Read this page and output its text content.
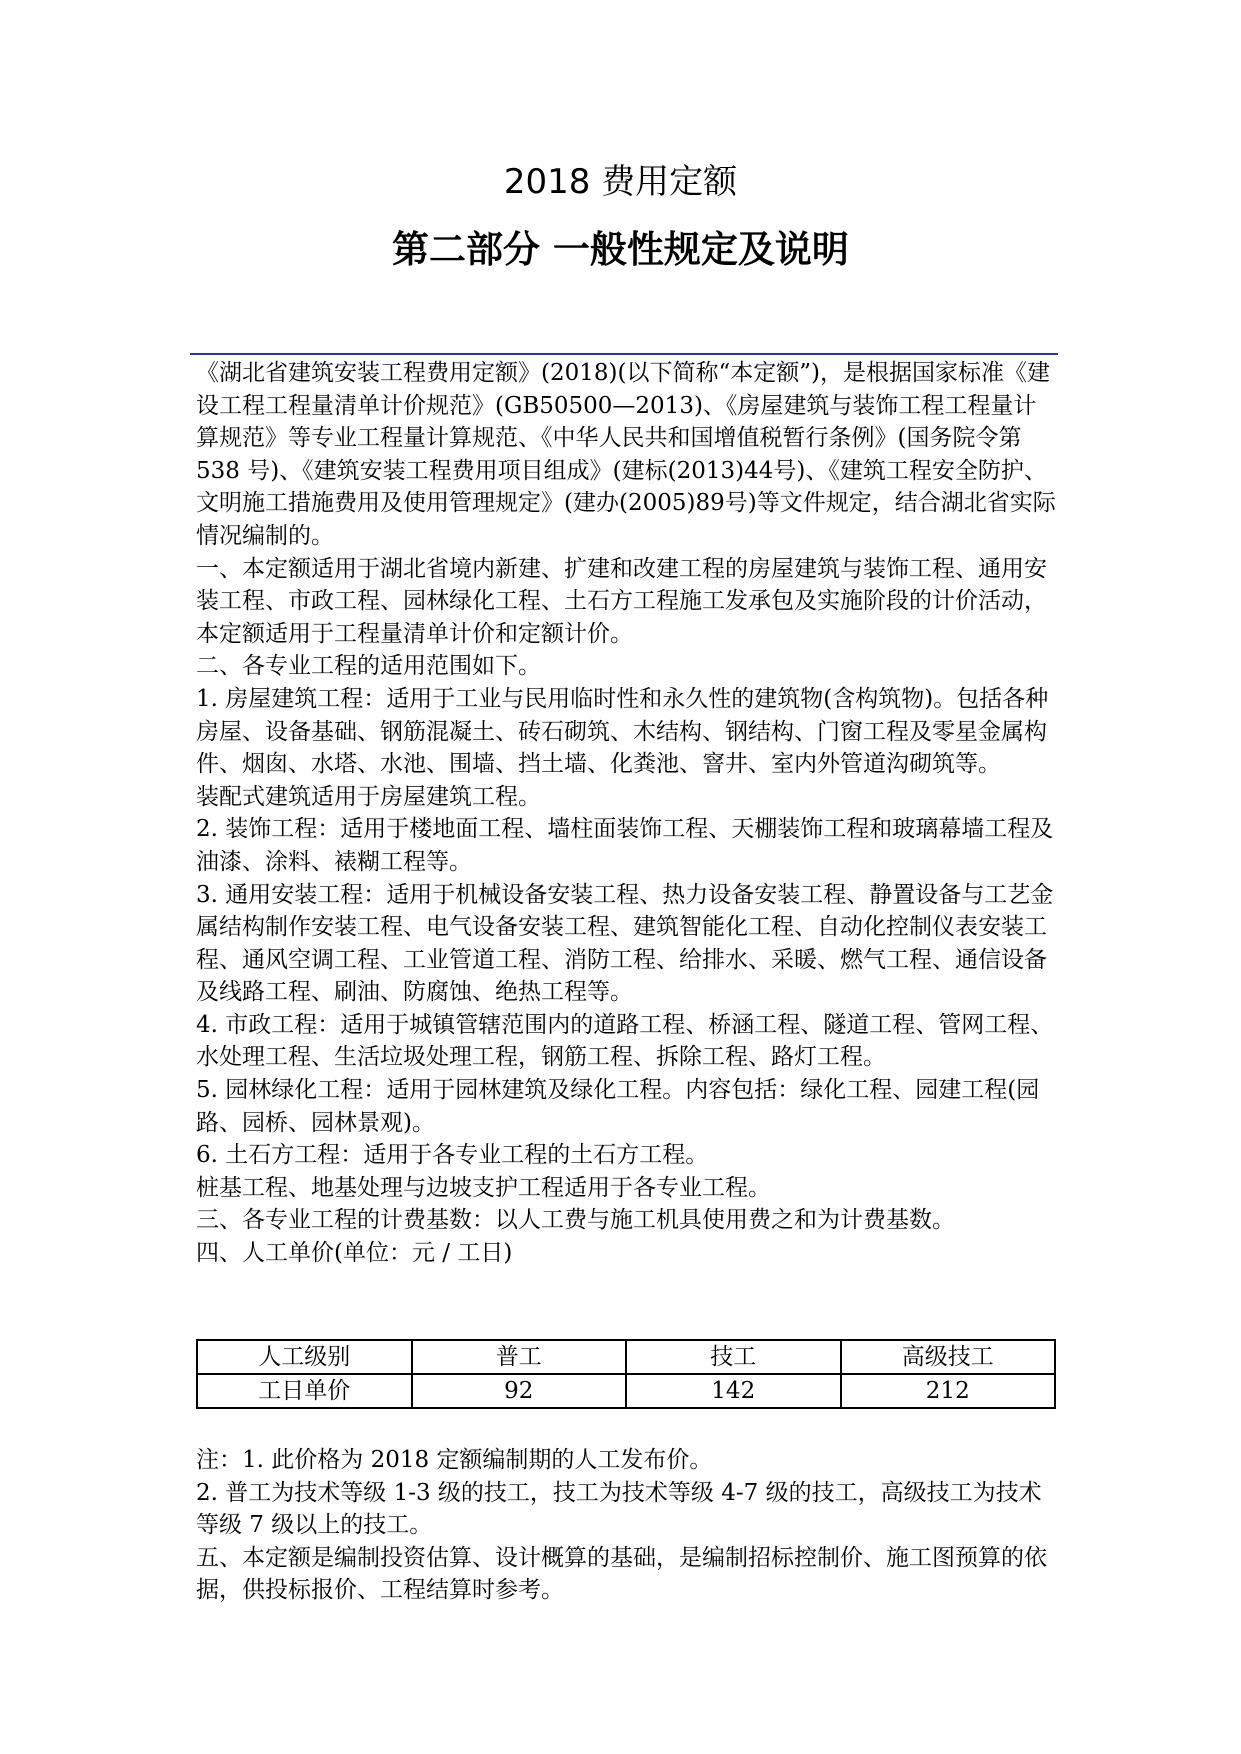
2018 费用定额
第二部分 一般性规定及说明

《湖北省建筑安装工程费用定额》(2018)(以下简称“本定额”)，是根据国家标准《建设工程工程量清单计价规范》(GB50500—2013)、《房屋建筑与装饰工程工程量计算规范》等专业工程量计算规范、《中华人民共和国增值税暂行条例》(国务院令第 538 号)、《建筑安装工程费用项目组成》(建标(2013)44号)、《建筑工程安全防护、文明施工措施费用及使用管理规定》(建办(2005)89号)等文件规定，结合湖北省实际情况编制的。

一、本定额适用于湖北省境内新建、扩建和改建工程的房屋建筑与装饰工程、通用安装工程、市政工程、园林绿化工程、土石方工程施工发承包及实施阶段的计价活动，本定额适用于工程量清单计价和定额计价。

二、各专业工程的适用范围如下。

1. 房屋建筑工程：适用于工业与民用临时性和永久性的建筑物(含构筑物)。包括各种房屋、设备基础、钢筋混凝土、砖石砌筑、木结构、钢结构、门窗工程及零星金属构件、烟囱、水塔、水池、围墙、挡土墙、化粪池、窨井、室内外管道沟砌筑等。

装配式建筑适用于房屋建筑工程。

2. 装饰工程：适用于楼地面工程、墙柱面装饰工程、天棚装饰工程和玻璃幕墙工程及油漆、涂料、裱糊工程等。

3. 通用安装工程：适用于机械设备安装工程、热力设备安装工程、静置设备与工艺金属结构制作安装工程、电气设备安装工程、建筑智能化工程、自动化控制仪表安装工程、通风空调工程、工业管道工程、消防工程、给排水、采暖、燃气工程、通信设备及线路工程、刷油、防腐蚀、绝热工程等。

4. 市政工程：适用于城镇管辖范围内的道路工程、桥涵工程、隧道工程、管网工程、水处理工程、生活垃圾处理工程，钢筋工程、拆除工程、路灯工程。

5. 园林绿化工程：适用于园林建筑及绿化工程。内容包括：绿化工程、园建工程(园路、园桥、园林景观)。

6. 土石方工程：适用于各专业工程的土石方工程。

桩基工程、地基处理与边坡支护工程适用于各专业工程。

三、各专业工程的计费基数：以人工费与施工机具使用费之和为计费基数。

四、人工单价(单位：元 / 工日)

人工级别	普工	技工	高级技工
工日单价	92	142	212

注：1. 此价格为 2018 定额编制期的人工发布价。

2. 普工为技术等级 1-3 级的技工，技工为技术等级 4-7 级的技工，高级技工为技术等级 7 级以上的技工。

五、本定额是编制投资估算、设计概算的基础，是编制招标控制价、施工图预算的依据，供投标报价、工程结算时参考。
